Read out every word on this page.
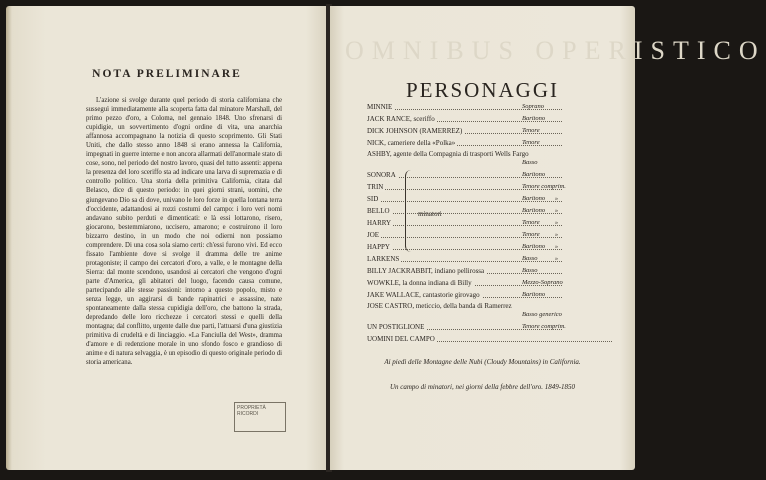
NOTA PRELIMINARE

L'azione si svolge durante quel periodo di storia californiana che susseguì immediatamente alla scoperta fatta dal minatore Marshall, del primo pezzo d'oro, a Coloma, nel gennaio 1848. Uno sfrenarsi di cupidigie, un sovvertimento d'ogni ordine di vita, una anarchia affannosa accompagnano la notizia di questo scoprimento. Gli Stati Uniti, che dallo stesso anno 1848 si erano annessa la California, impegnati in guerre interne e non ancora allarmati dell'anormale stato di cose, sono, nel periodo del nostro lavoro, quasi del tutto assenti: appena la presenza del loro sceriffo sta ad indicare una larva di supremazia e di controllo politico. Una storia della primitiva California, citata dal Belasco, dice di questo periodo: in quei giorni strani, uomini, che giungevano Dio sa di dove, univano le loro forze in quella lontana terra d'occidente, adattandosi ai rozzi costumi del campo: i loro veri nomi andavano subito perduti e dimenticati: e là essi lottarono, risero, giocarono, bestemmiarono, uccisero, amarono; e costruirono il loro bizzarro destino, in un modo che noi odierni non possiamo comprendere. Di una cosa sola siamo certi: ch'essi furono vivi. Ed ecco fissato l'ambiente dove si svolge il dramma delle tre anime protagoniste; il campo dei cercatori d'oro, a valle, e le montagne della Sierra: dal monte scendono, usandosi ai cercatori che vengono d'ogni parte d'America, gli abitatori del luogo, facendo causa comune, partecipando alle stesse passioni: intorno a questo popolo, misto e senza legge, un aggirarsi di bande rapinatrici e assassine, nate spontaneamente dalla stessa cupidigia dell'oro, che battono la strada, depredando delle loro ricchezze i cercatori stessi e quelli della montagna; dal conflitto, urgente dalle due parti, l'attuarsi d'una giustizia primitiva di crudeltà e di linciaggio. «La Fanciulla del West», dramma d'amore e di redenzione morale in uno sfondo fosco e grandioso di anime e di natura selvaggia, è un episodio di questo originale periodo di storia americana.

PROPRIETÀ RICORDI
OMNIBUS OPERISTICO
PERSONAGGI
MINNIE	Soprano
JACK RANCE, sceriffo	Baritono
DICK JOHNSON (RAMERREZ)	Tenore
NICK, cameriere della «Polka»	Tenore
ASHBY, agente della Compagnia di trasporti Wells Fargo
Basso
SONORA	Baritono
TRIN	Tenore comprim.
SID	Baritono »
BELLO	Baritono »
HARRY	Tenore	»
JOE	Tenore	»
HAPPY	Baritono »
LARKENS	Basso	»
BILLY JACKRABBIT, indiano pellirossa	Basso
WOWKLE, la donna indiana di Billy	Mezzo-Soprano
JAKE WALLACE, cantastorie girovago	Baritono
JOSE CASTRO, meticcio, della banda di Ramerrez
Basso generico
UN POSTIGLIONE	Tenore comprim.
UOMINI DEL CAMPO
minatori

Ai piedi delle Montagne delle Nubi (Cloudy Mountains) in California.

Un campo di minatori, nei giorni della febbre dell'oro. 1849-1850
